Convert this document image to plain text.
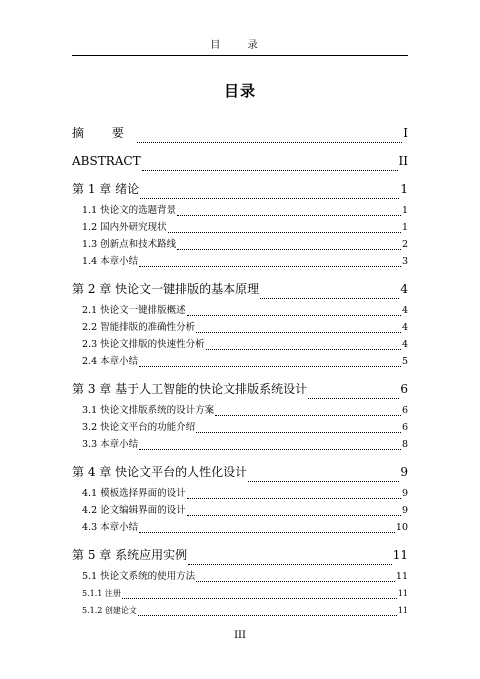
目 录
目录
摘 要	I
ABSTRACT	II
第 1 章 绪论	1
1.1 快论文的选题背景	1
1.2 国内外研究现状	1
1.3 创新点和技术路线	2
1.4 本章小结	3
第 2 章 快论文一键排版的基本原理	4
2.1 快论文一键排版概述	4
2.2 智能排版的准确性分析	4
2.3 快论文排版的快速性分析	4
2.4 本章小结	5
第 3 章 基于人工智能的快论文排版系统设计	6
3.1 快论文排版系统的设计方案	6
3.2 快论文平台的功能介绍	6
3.3 本章小结	8
第 4 章 快论文平台的人性化设计	9
4.1 模板选择界面的设计	9
4.2 论文编辑界面的设计	9
4.3 本章小结	10
第 5 章 系统应用实例	11
5.1 快论文系统的使用方法	11
5.1.1 注册	11
5.1.2 创建论文	11
III
